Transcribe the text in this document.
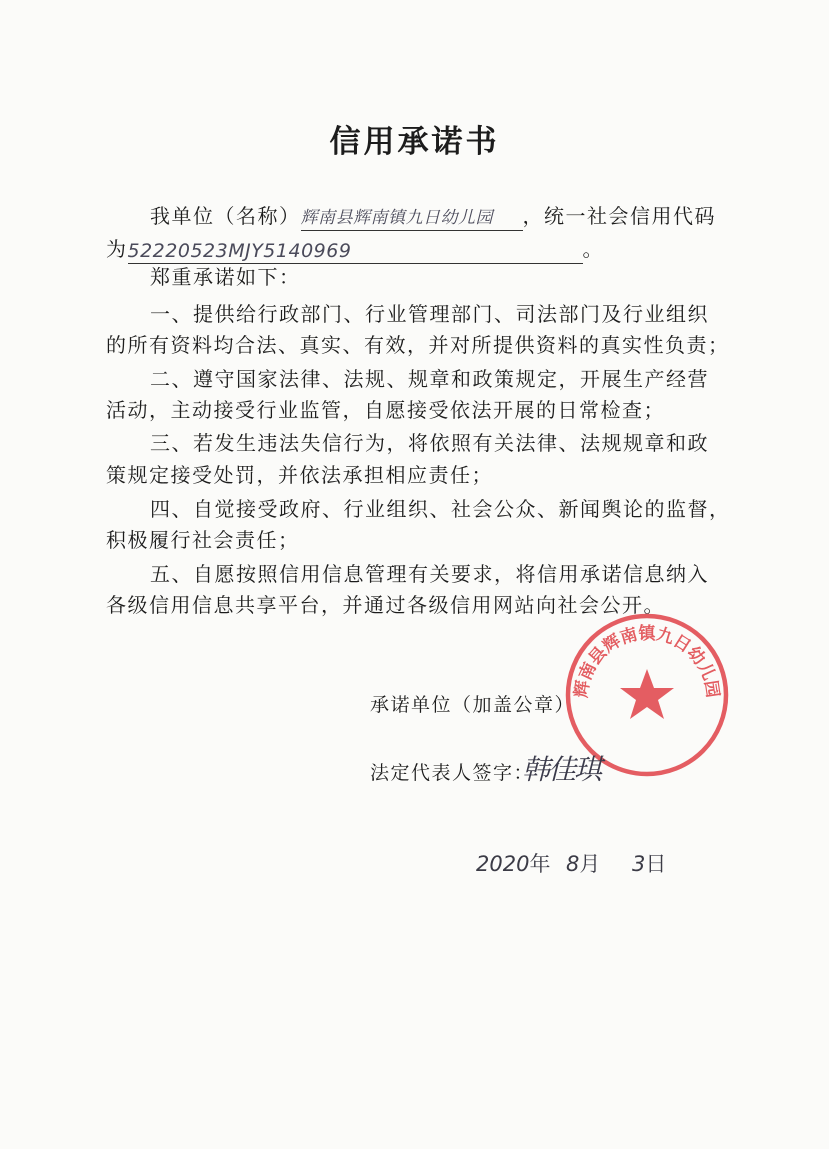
信用承诺书
我单位（名称）辉南县辉南镇九日幼儿园 ，统一社会信用代码
为52220523MJY5140969	。
郑重承诺如下：
一、提供给行政部门、行业管理部门、司法部门及行业组织
的所有资料均合法、真实、有效，并对所提供资料的真实性负责；
二、遵守国家法律、法规、规章和政策规定，开展生产经营
活动，主动接受行业监管，自愿接受依法开展的日常检查；
三、若发生违法失信行为，将依照有关法律、法规规章和政
策规定接受处罚，并依法承担相应责任；
四、自觉接受政府、行业组织、社会公众、新闻舆论的监督，
积极履行社会责任；
五、自愿按照信用信息管理有关要求，将信用承诺信息纳入
各级信用信息共享平台，并通过各级信用网站向社会公开。
辉南县辉南镇九日幼儿园
承诺单位（加盖公章）
法定代表人签字：
韩佳琪
2020年 8月 3日
